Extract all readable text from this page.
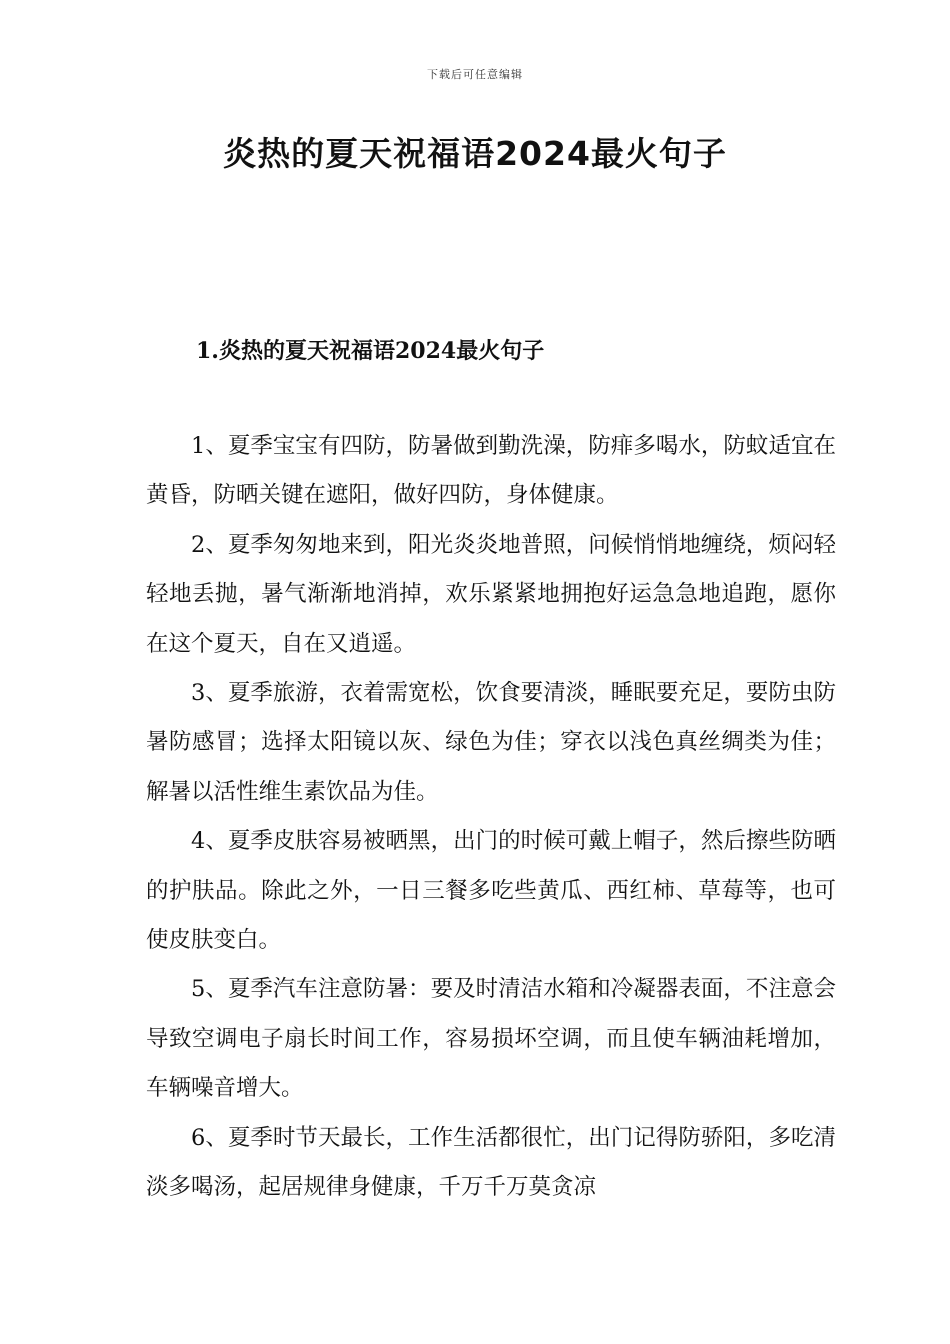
下载后可任意编辑
炎热的夏天祝福语2024最火句子
1.炎热的夏天祝福语2024最火句子

1、夏季宝宝有四防，防暑做到勤洗澡，防痱多喝水，防蚊适宜在黄昏，防晒关键在遮阳，做好四防，身体健康。

2、夏季匆匆地来到，阳光炎炎地普照，问候悄悄地缠绕，烦闷轻轻地丢抛，暑气渐渐地消掉，欢乐紧紧地拥抱好运急急地追跑，愿你在这个夏天，自在又逍遥。

3、夏季旅游，衣着需宽松，饮食要清淡，睡眠要充足，要防虫防暑防感冒；选择太阳镜以灰、绿色为佳；穿衣以浅色真丝绸类为佳；解暑以活性维生素饮品为佳。

4、夏季皮肤容易被晒黑，出门的时候可戴上帽子，然后擦些防晒的护肤品。除此之外，一日三餐多吃些黄瓜、西红柿、草莓等，也可使皮肤变白。

5、夏季汽车注意防暑：要及时清洁水箱和冷凝器表面，不注意会导致空调电子扇长时间工作，容易损坏空调，而且使车辆油耗增加，车辆噪音增大。

6、夏季时节天最长，工作生活都很忙，出门记得防骄阳，多吃清淡多喝汤，起居规律身健康，千万千万莫贪凉
